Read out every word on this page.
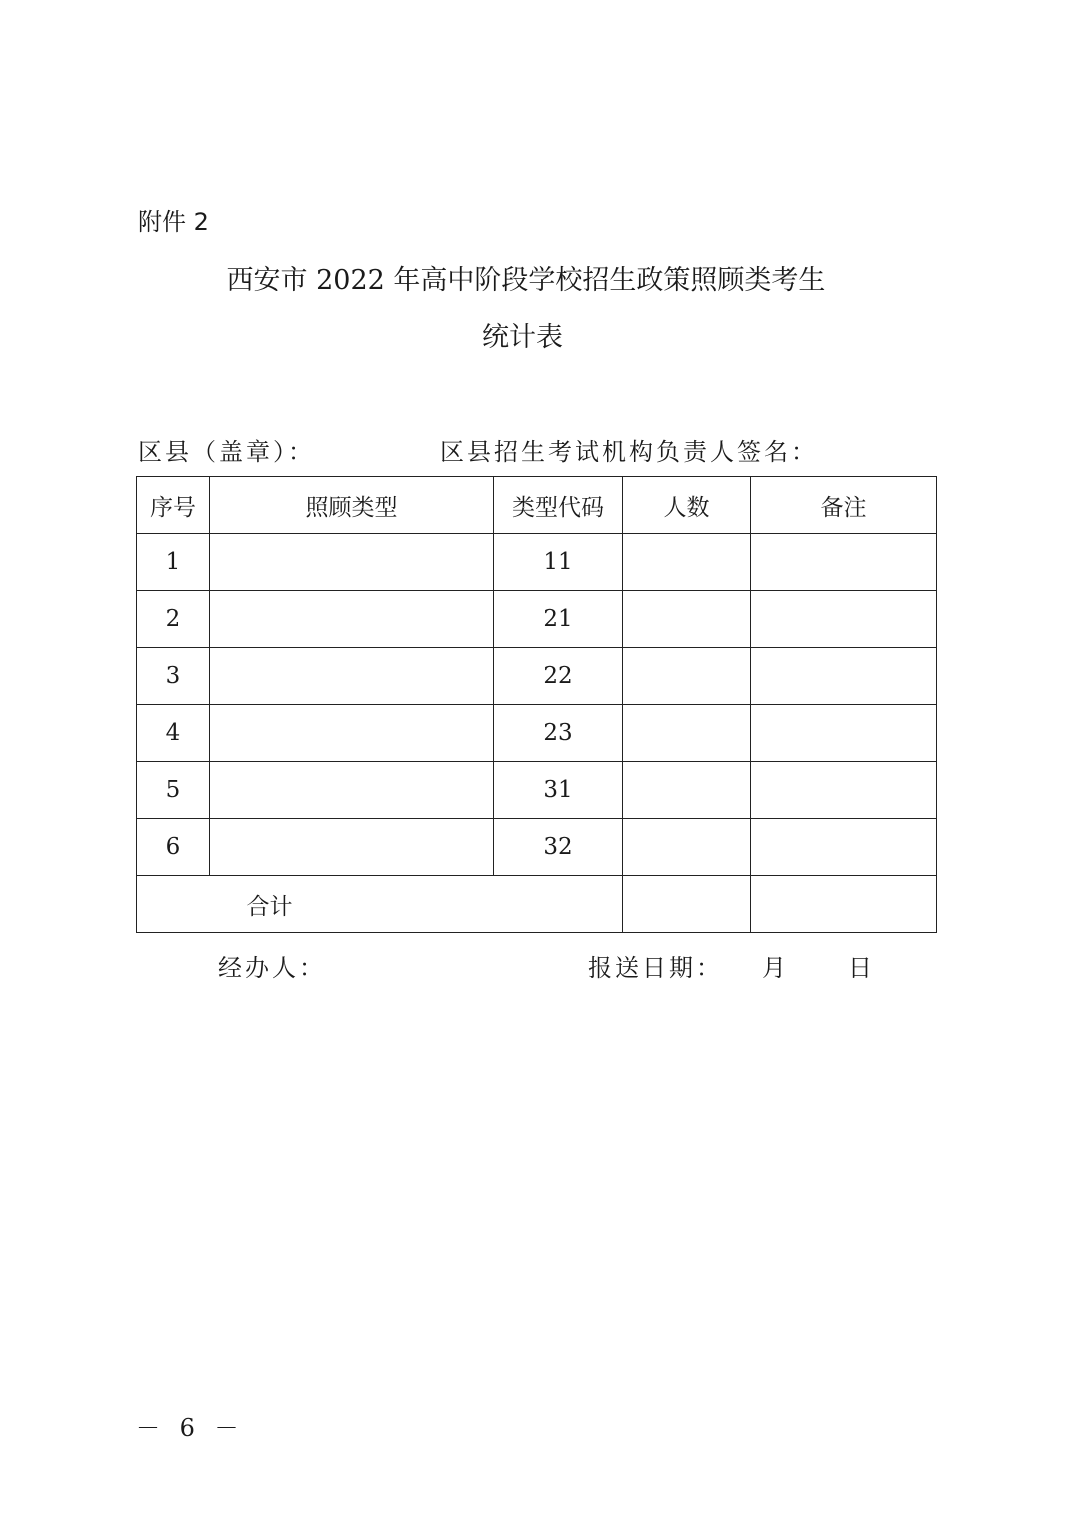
附件 2
西安市 2022 年高中阶段学校招生政策照顾类考生
统计表
区县（盖章）：	区县招生考试机构负责人签名：
序号	照顾类型	类型代码	人数	备注
1		11		
2		21		
3		22		
4		23		
5		31		
6		32		
合计				
经办人：	报送日期： 月	日
－ 6 －
